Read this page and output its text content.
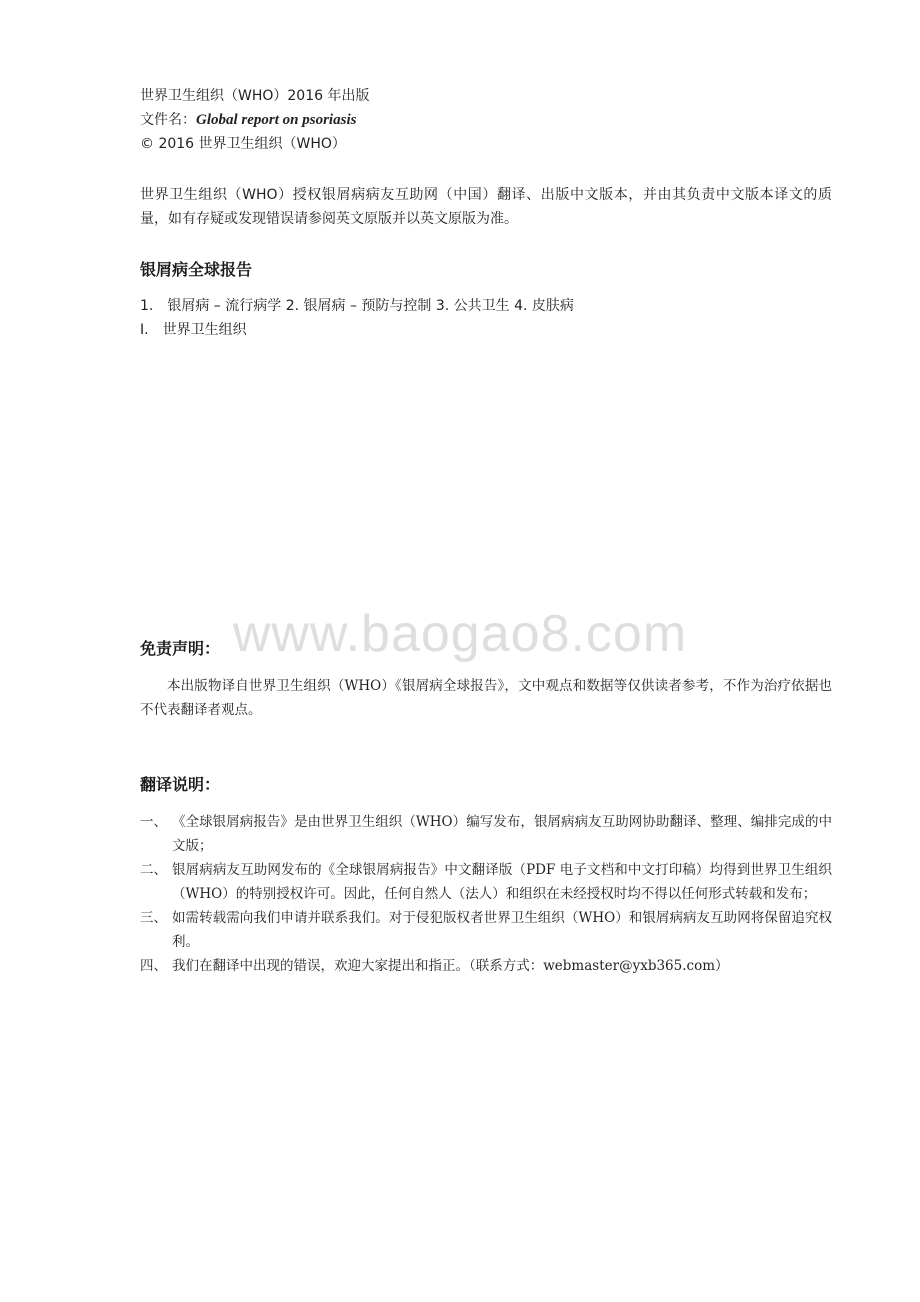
世界卫生组织（WHO）2016 年出版
文件名：Global report on psoriasis
© 2016 世界卫生组织（WHO）
世界卫生组织（WHO）授权银屑病病友互助网（中国）翻译、出版中文版本，并由其负责中文版本译文的质量，如有存疑或发现错误请参阅英文原版并以英文原版为准。
银屑病全球报告
1.　银屑病 – 流行病学 2. 银屑病 – 预防与控制 3. 公共卫生 4. 皮肤病
I.　世界卫生组织
www.baogao8.com
免责声明：
本出版物译自世界卫生组织（WHO）《银屑病全球报告》，文中观点和数据等仅供读者参考，不作为治疗依据也不代表翻译者观点。
翻译说明：
一、 《全球银屑病报告》是由世界卫生组织（WHO）编写发布，银屑病病友互助网协助翻译、整理、编排完成的中文版；
二、 银屑病病友互助网发布的《全球银屑病报告》中文翻译版（PDF 电子文档和中文打印稿）均得到世界卫生组织（WHO）的特别授权许可。因此，任何自然人（法人）和组织在未经授权时均不得以任何形式转载和发布；
三、 如需转载需向我们申请并联系我们。对于侵犯版权者世界卫生组织（WHO）和银屑病病友互助网将保留追究权利。
四、 我们在翻译中出现的错误，欢迎大家提出和指正。（联系方式：webmaster@yxb365.com）
